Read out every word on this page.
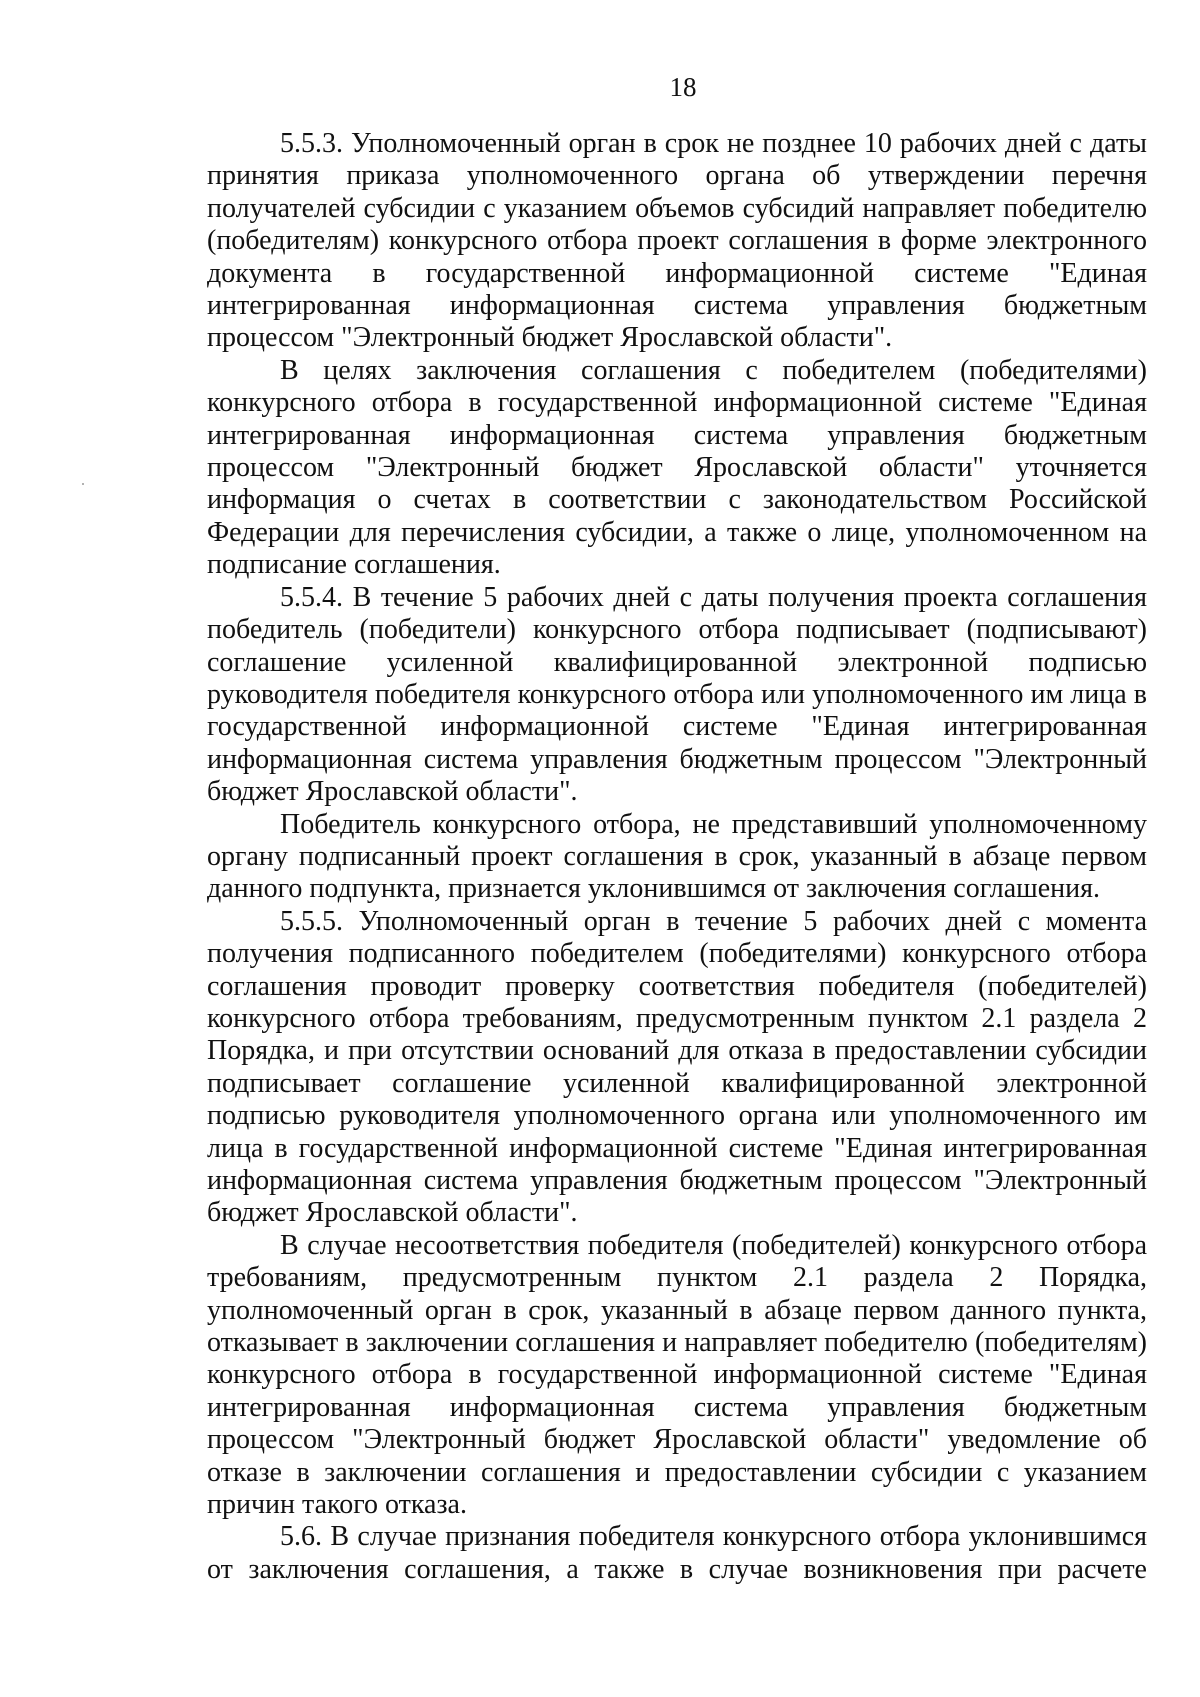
18

5.5.3. Уполномоченный орган в срок не позднее 10 рабочих дней с даты принятия приказа уполномоченного органа об утверждении перечня получателей субсидии с указанием объемов субсидий направляет победителю (победителям) конкурсного отбора проект соглашения в форме электронного документа в государственной информационной системе "Единая интегрированная информационная система управления бюджетным процессом "Электронный бюджет Ярославской области".

В целях заключения соглашения с победителем (победителями) конкурсного отбора в государственной информационной системе "Единая интегрированная информационная система управления бюджетным процессом "Электронный бюджет Ярославской области" уточняется информация о счетах в соответствии с законодательством Российской Федерации для перечисления субсидии, а также о лице, уполномоченном на подписание соглашения.

5.5.4. В течение 5 рабочих дней с даты получения проекта соглашения победитель (победители) конкурсного отбора подписывает (подписывают) соглашение усиленной квалифицированной электронной подписью руководителя победителя конкурсного отбора или уполномоченного им лица в государственной информационной системе "Единая интегрированная информационная система управления бюджетным процессом "Электронный бюджет Ярославской области".

Победитель конкурсного отбора, не представивший уполномоченному органу подписанный проект соглашения в срок, указанный в абзаце первом данного подпункта, признается уклонившимся от заключения соглашения.

5.5.5. Уполномоченный орган в течение 5 рабочих дней с момента получения подписанного победителем (победителями) конкурсного отбора соглашения проводит проверку соответствия победителя (победителей) конкурсного отбора требованиям, предусмотренным пунктом 2.1 раздела 2 Порядка, и при отсутствии оснований для отказа в предоставлении субсидии подписывает соглашение усиленной квалифицированной электронной подписью руководителя уполномоченного органа или уполномоченного им лица в государственной информационной системе "Единая интегрированная информационная система управления бюджетным процессом "Электронный бюджет Ярославской области".

В случае несоответствия победителя (победителей) конкурсного отбора требованиям, предусмотренным пунктом 2.1 раздела 2 Порядка, уполномоченный орган в срок, указанный в абзаце первом данного пункта, отказывает в заключении соглашения и направляет победителю (победителям) конкурсного отбора в государственной информационной системе "Единая интегрированная информационная система управления бюджетным процессом "Электронный бюджет Ярославской области" уведомление об отказе в заключении соглашения и предоставлении субсидии с указанием причин такого отказа.

5.6. В случае признания победителя конкурсного отбора уклонившимся от заключения соглашения, а также в случае возникновения при расчете
